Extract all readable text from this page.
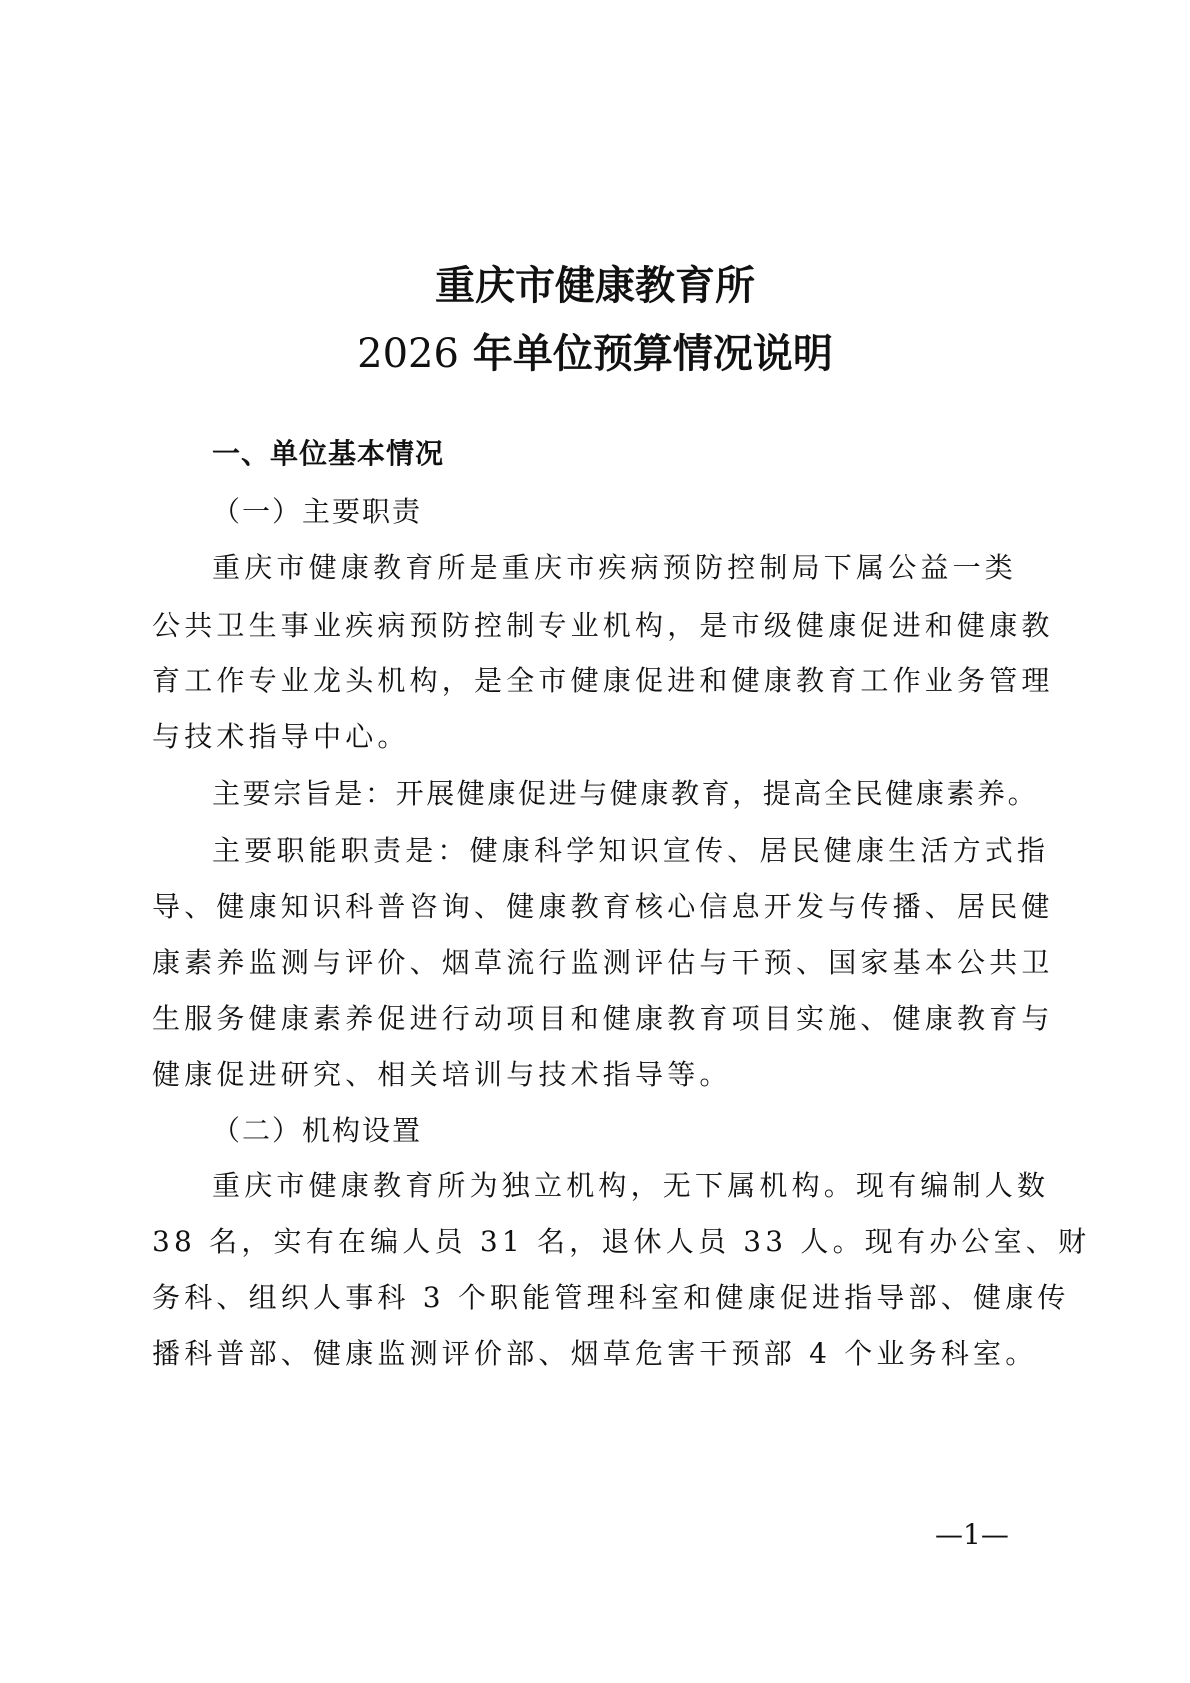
重庆市健康教育所
2026 年单位预算情况说明
一、单位基本情况
（一）主要职责
重庆市健康教育所是重庆市疾病预防控制局下属公益一类
公共卫生事业疾病预防控制专业机构，是市级健康促进和健康教
育工作专业龙头机构，是全市健康促进和健康教育工作业务管理
与技术指导中心。
主要宗旨是：开展健康促进与健康教育，提高全民健康素养。
主要职能职责是：健康科学知识宣传、居民健康生活方式指
导、健康知识科普咨询、健康教育核心信息开发与传播、居民健
康素养监测与评价、烟草流行监测评估与干预、国家基本公共卫
生服务健康素养促进行动项目和健康教育项目实施、健康教育与
健康促进研究、相关培训与技术指导等。
（二）机构设置
重庆市健康教育所为独立机构，无下属机构。现有编制人数
38 名，实有在编人员 31 名，退休人员 33 人。现有办公室、财
务科、组织人事科 3 个职能管理科室和健康促进指导部、健康传
播科普部、健康监测评价部、烟草危害干预部 4 个业务科室。
—1—
